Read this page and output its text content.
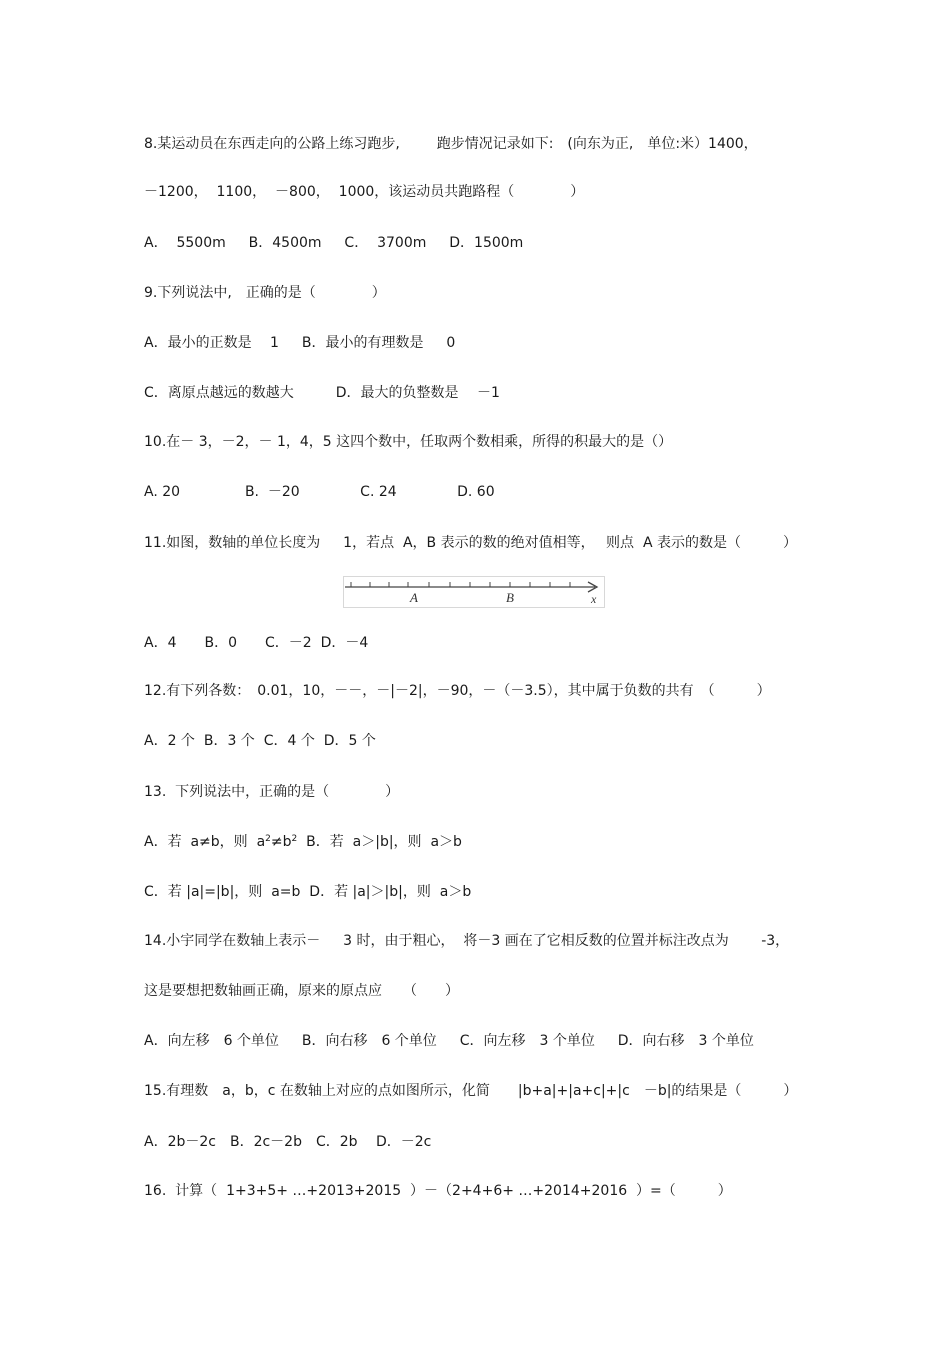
8.某运动员在东西走向的公路上练习跑步,　　  跑步情况记录如下:　(向东为正,　单位:米）1400，
－1200，  1100，  －800，  1000，该运动员共跑路程（　　　　）
A．  5500m　  B．4500m　  C．  3700m　  D．1500m
9.下列说法中,　正确的是（　　　　）
A．最小的正数是　 1　  B．最小的有理数是　  0
C．离原点越远的数越大　　　D．最大的负整数是　 －1
10.在－ 3，－2，－ 1，4，5 这四个数中，任取两个数相乘，所得的积最大的是（）
A. 20　　　　  B.  －20　　　　 C. 24　　　　 D. 60
11.如图，数轴的单位长度为　  1，若点  A，B 表示的数的绝对值相等，　 则点  A 表示的数是（　　　）
A	B	x
A．4　　B．0　　C．－2  D．－4
12.有下列各数：　0.01，10，－－，－|－2|，－90，－（－3.5），其中属于负数的共有　（　　　）
A．2 个  B．3 个  C．4 个  D．5 个
13.  下列说法中，正确的是（　　　　）
A．若  a≠b，则  $a^2\ne b^2$  B．若  a＞|b|，则  a＞b
C．若 |a|=|b|，则  a=b  D．若 |a|＞|b|，则  a＞b
14.小宇同学在数轴上表示－　  3 时，由于粗心，  将－3 画在了它相反数的位置并标注改点为　　 -3，
这是要想把数轴画正确，原来的原点应　　（　　）
A．向左移　6 个单位　  B．向右移　6 个单位　  C．向左移　3 个单位　  D．向右移　3 个单位
15.有理数　a，b，c 在数轴上对应的点如图所示，化简　　|b+a|+|a+c|+|c　－b|的结果是（　　　）
A．2b－2c　B．2c－2b　C．2b　 D．－2c
16.  计算（  1+3+5+ …+2013+2015  ）－（2+4+6+ …+2014+2016  ）=（　　　）
